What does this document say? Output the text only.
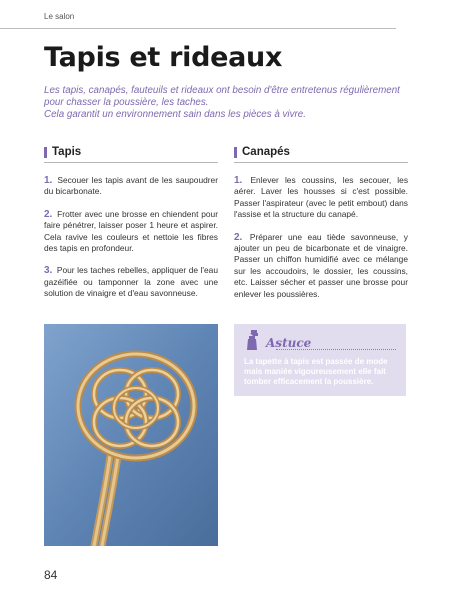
Le salon
Tapis et rideaux

Les tapis, canapés, fauteuils et rideaux ont besoin d'être entretenus régulièrement pour chasser la poussière, les taches.

Cela garantit un environnement sain dans les pièces à vivre.

Tapis

1. Secouer les tapis avant de les saupoudrer du bicarbonate.

2. Frotter avec une brosse en chiendent pour faire pénétrer, laisser poser 1 heure et aspirer. Cela ravive les couleurs et nettoie les fibres des tapis en profondeur.

3. Pour les taches rebelles, appliquer de l'eau gazéifiée ou tamponner la zone avec une solution de vinaigre et d'eau savonneuse.

Canapés

1. Enlever les coussins, les secouer, les aérer. Laver les housses si c'est possible. Passer l'aspirateur (avec le petit embout) dans l'assise et la structure du canapé.

2. Préparer une eau tiède savonneuse, y ajouter un peu de bicarbonate et de vinaigre. Passer un chiffon humidifié avec ce mélange sur les accoudoirs, le dossier, les coussins, etc. Laisser sécher et passer une brosse pour enlever les poussières.

Astuce
La tapette à tapis est passée de mode mais maniée vigoureusement elle fait tomber efficacement la poussière.
84
